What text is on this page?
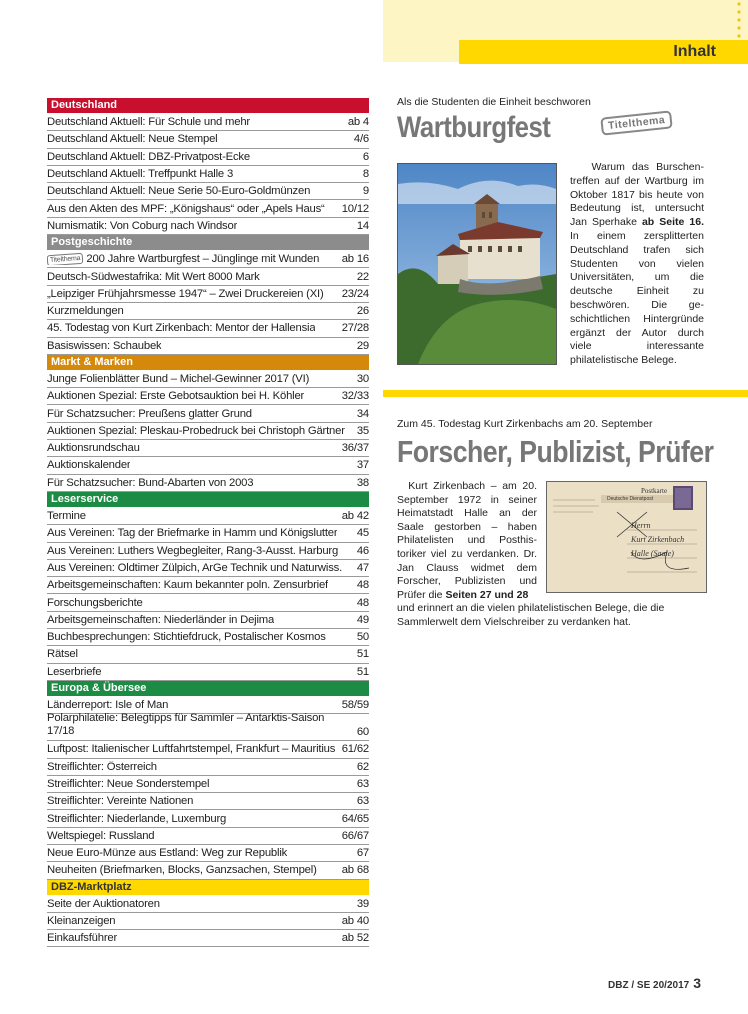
Inhalt
Deutschland
Deutschland Aktuell: Für Schule und mehr	ab 4
Deutschland Aktuell: Neue Stempel	4/6
Deutschland Aktuell: DBZ-Privatpost-Ecke	6
Deutschland Aktuell: Treffpunkt Halle 3	8
Deutschland Aktuell: Neue Serie 50-Euro-Goldmünzen	9
Aus den Akten des MPF: „Königshaus“ oder „Apels Haus“	10/12
Numismatik: Von Coburg nach Windsor	14
Postgeschichte
Titelthema 200 Jahre Wartburgfest – Jünglinge mit Wunden	ab 16
Deutsch-Südwestafrika: Mit Wert 8000 Mark	22
„Leipziger Frühjahrsmesse 1947“ – Zwei Druckereien (XI)	23/24
Kurzmeldungen	26
45. Todestag von Kurt Zirkenbach: Mentor der Hallensia	27/28
Basiswissen: Schaubek	29
Markt & Marken
Junge Folienblätter Bund – Michel-Gewinner 2017 (VI)	30
Auktionen Spezial: Erste Gebotsauktion bei H. Köhler	32/33
Für Schatzsucher: Preußens glatter Grund	34
Auktionen Spezial: Pleskau-Probedruck bei Christoph Gärtner	35
Auktionsrundschau	36/37
Auktionskalender	37
Für Schatzsucher: Bund-Abarten von 2003	38
Leserservice
Termine	ab 42
Aus Vereinen: Tag der Briefmarke in Hamm und Königslutter	45
Aus Vereinen: Luthers Wegbegleiter, Rang-3-Ausst. Harburg	46
Aus Vereinen: Oldtimer Zülpich, ArGe Technik und Naturwiss.	47
Arbeitsgemeinschaften: Kaum bekannter poln. Zensurbrief	48
Forschungsberichte	48
Arbeitsgemeinschaften: Niederländer in Dejima	49
Buchbesprechungen: Stichtiefdruck, Postalischer Kosmos	50
Rätsel	51
Leserbriefe	51
Europa & Übersee
Länderreport: Isle of Man	58/59
Polarphilatelie: Belegtipps für Sammler – Antarktis-Saison 17/18	60
Luftpost: Italienischer Luftfahrtstempel, Frankfurt – Mauritius 61/62
Streiflichter: Österreich	62
Streiflichter: Neue Sonderstempel	63
Streiflichter: Vereinte Nationen	63
Streiflichter: Niederlande, Luxemburg	64/65
Weltspiegel: Russland	66/67
Neue Euro-Münze aus Estland: Weg zur Republik	67
Neuheiten (Briefmarken, Blocks, Ganzsachen, Stempel)	ab 68
DBZ-Marktplatz
Seite der Auktionatoren	39
Kleinanzeigen	ab 40
Einkaufsführer	ab 52
Als die Studenten die Einheit beschworen
Wartburgfest	Titelthema
Warum das Burschentreffen auf der Wartburg im Oktober 1817 bis heute von Bedeutung ist, untersucht Jan Sperhake ab Seite 16. In einem zersplitterten Deutschland trafen sich Studenten von vielen Universitäten, um die deutsche Einheit zu beschwören. Die geschichtlichen Hintergründe ergänzt der Autor durch viele interessante philatelistische Belege.
Zum 45. Todestag Kurt Zirkenbachs am 20. September
Forscher, Publizist, Prüfer
Postkarte
Deutsche Dienstpost
Herrn
Kurt Zirkenbach
Halle (Saale)
Kurt Zirkenbach – am 20. September 1972 in seiner Heimatstadt Halle an der Saale gestorben – haben Philatelisten und Posthistoriker viel zu verdanken. Dr. Jan Clauss widmet dem Forscher, Publizisten und Prüfer die Seiten 27 und 28
und erinnert an die vielen philatelistischen Belege, die die Sammlerwelt dem Vielschreiber zu verdanken hat.
DBZ / SE 20/2017 3
